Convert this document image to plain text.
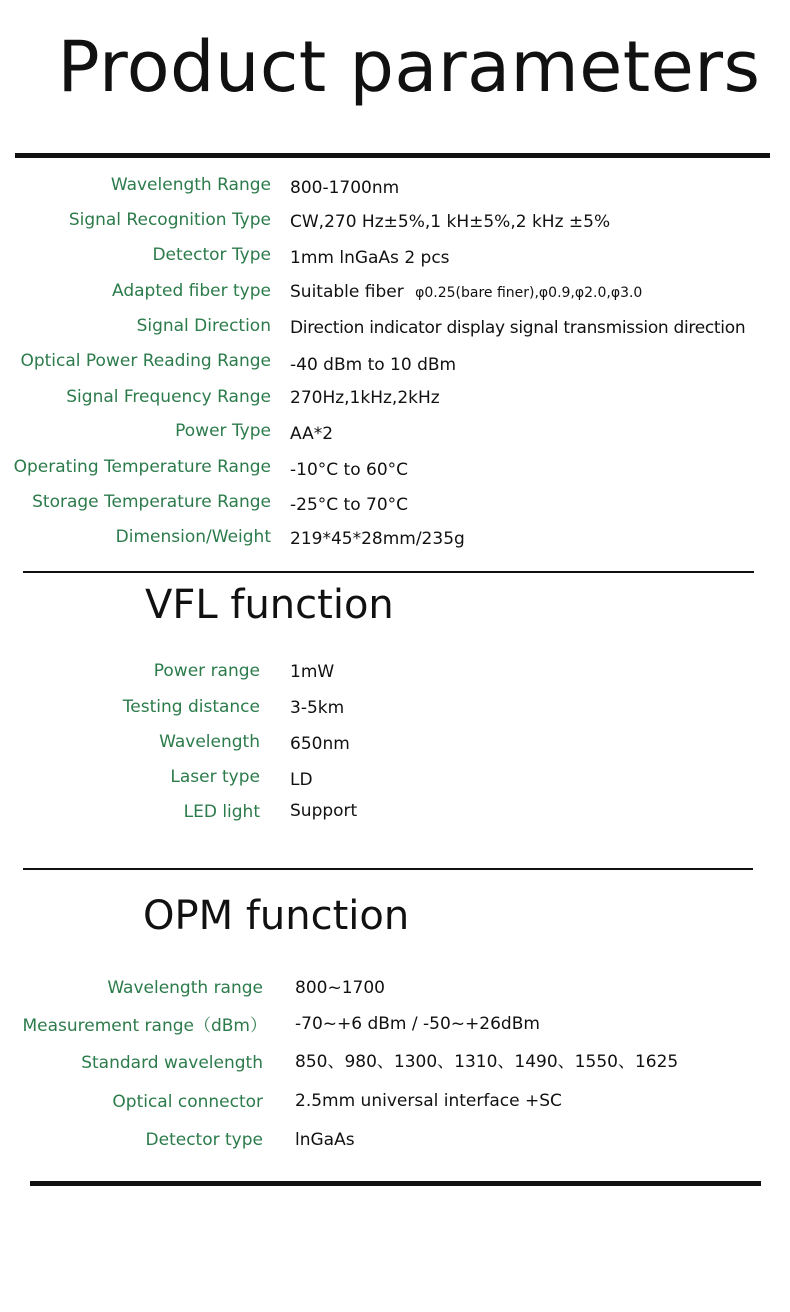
Product parameters
Wavelength Range 800-1700nm
Signal Recognition Type CW,270 Hz±5%,1 kH±5%,2 kHz ±5%
Detector Type 1mm lnGaAs 2 pcs
Adapted fiber type Suitable fiber φ0.25(bare finer),φ0.9,φ2.0,φ3.0
Signal Direction Direction indicator display signal transmission direction
Optical Power Reading Range -40 dBm to 10 dBm
Signal Frequency Range 270Hz,1kHz,2kHz
Power Type AA*2
Operating Temperature Range -10°C to 60°C
Storage Temperature Range -25°C to 70°C
Dimension/Weight 219*45*28mm/235g
VFL function
Power range 1mW
Testing distance 3-5km
Wavelength 650nm
Laser type LD
LED light Support
OPM function
Wavelength range 800~1700
Measurement range（dBm） -70~+6 dBm / -50~+26dBm
Standard wavelength 850、980、1300、1310、1490、1550、1625
Optical connector 2.5mm universal interface +SC
Detector type lnGaAs
